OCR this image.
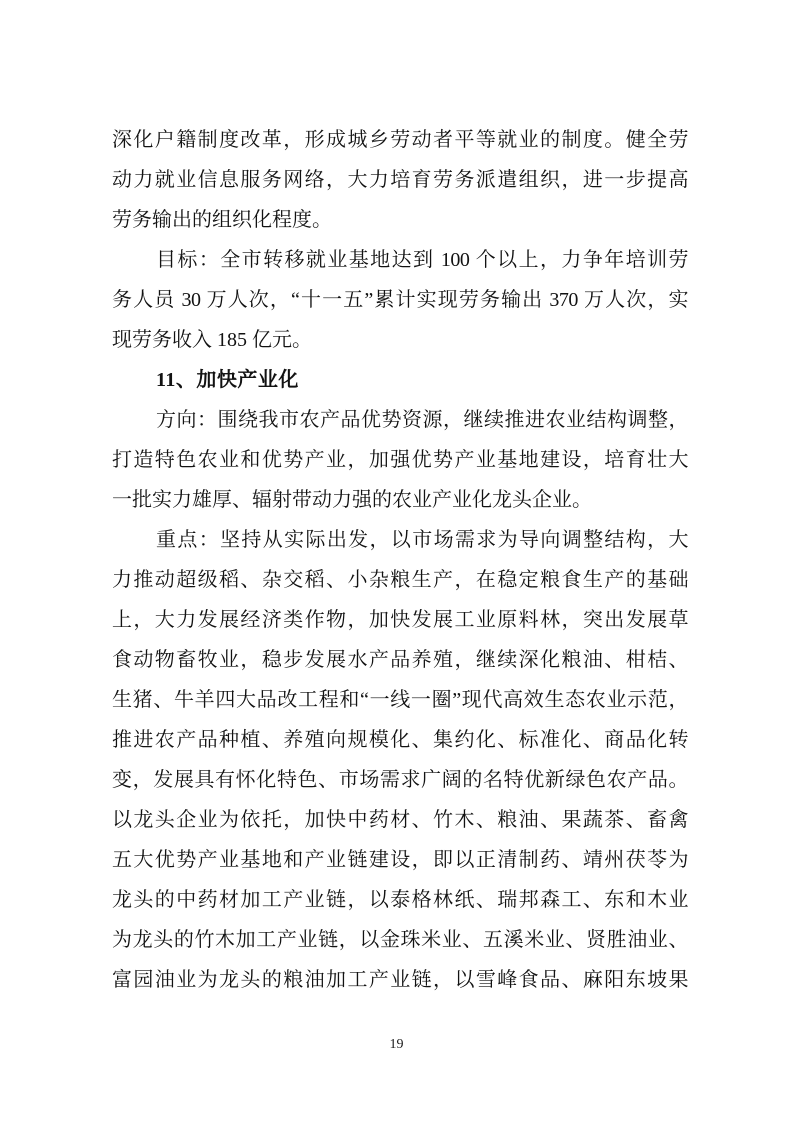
深化户籍制度改革，形成城乡劳动者平等就业的制度。健全劳
动力就业信息服务网络，大力培育劳务派遣组织，进一步提高
劳务输出的组织化程度。
目标：全市转移就业基地达到 100 个以上，力争年培训劳
务人员 30 万人次，“十一五”累计实现劳务输出 370 万人次，实
现劳务收入 185 亿元。
11、加快产业化
方向：围绕我市农产品优势资源，继续推进农业结构调整，
打造特色农业和优势产业，加强优势产业基地建设，培育壮大
一批实力雄厚、辐射带动力强的农业产业化龙头企业。
重点：坚持从实际出发，以市场需求为导向调整结构，大
力推动超级稻、杂交稻、小杂粮生产，在稳定粮食生产的基础
上，大力发展经济类作物，加快发展工业原料林，突出发展草
食动物畜牧业，稳步发展水产品养殖，继续深化粮油、柑桔、
生猪、牛羊四大品改工程和“一线一圈”现代高效生态农业示范，
推进农产品种植、养殖向规模化、集约化、标准化、商品化转
变，发展具有怀化特色、市场需求广阔的名特优新绿色农产品。
以龙头企业为依托，加快中药材、竹木、粮油、果蔬茶、畜禽
五大优势产业基地和产业链建设，即以正清制药、靖州茯苓为
龙头的中药材加工产业链，以泰格林纸、瑞邦森工、东和木业
为龙头的竹木加工产业链，以金珠米业、五溪米业、贤胜油业、
富园油业为龙头的粮油加工产业链，以雪峰食品、麻阳东坡果
19
